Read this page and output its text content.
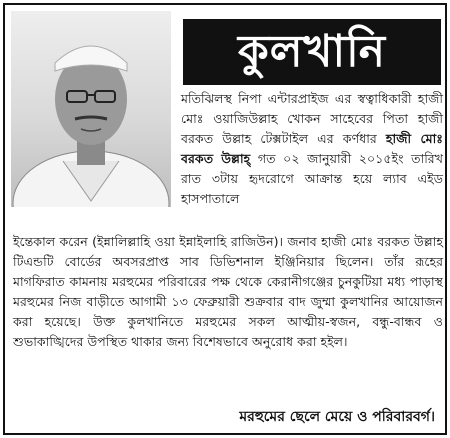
কুলখানি
মতিঝিলস্থ নিপা এন্টারপ্রাইজ এর স্বত্বাধিকারী হাজী মোঃ ওয়াজিউল্লাহ খোকন সাহেবের পিতা হাজী বরকত উল্লাহ টেক্সটাইল এর কর্ণধার হাজী মোঃ বরকত উল্লাহ্ গত ০২ জানুয়ারী ২০১৫ইং তারিখ রাত ৩টায় হৃদরোগে আক্রান্ত হয়ে ল্যাব এইড হাসপাতালে
ইন্তেকাল করেন (ইন্নালিল্লাহি ওয়া ইন্নাইলাহি রাজিউন)। জনাব হাজী মোঃ বরকত উল্লাহ টিএন্ডটি বোর্ডের অবসরপ্রাপ্ত সাব ডিভিশনাল ইঞ্জিনিয়ার ছিলেন। তাঁর রূহের মাগফিরাত কামনায় মরহুমের পরিবারের পক্ষ থেকে কেরানীগঞ্জের চুনকুটিয়া মধ্য পাড়াস্থ মরহুমের নিজ বাড়ীতে আগামী ১৩ ফেব্রুয়ারী শুক্রবার বাদ জুম্মা কুলখানির আয়োজন করা হয়েছে। উক্ত কুলখানিতে মরহুমের সকল আত্মীয়-স্বজন, বন্ধু-বান্ধব ও শুভাকাঙ্খিদের উপস্থিত থাকার জন্য বিশেষভাবে অনুরোধ করা হইল।
মরহুমের ছেলে মেয়ে ও পরিবারবর্গ।
